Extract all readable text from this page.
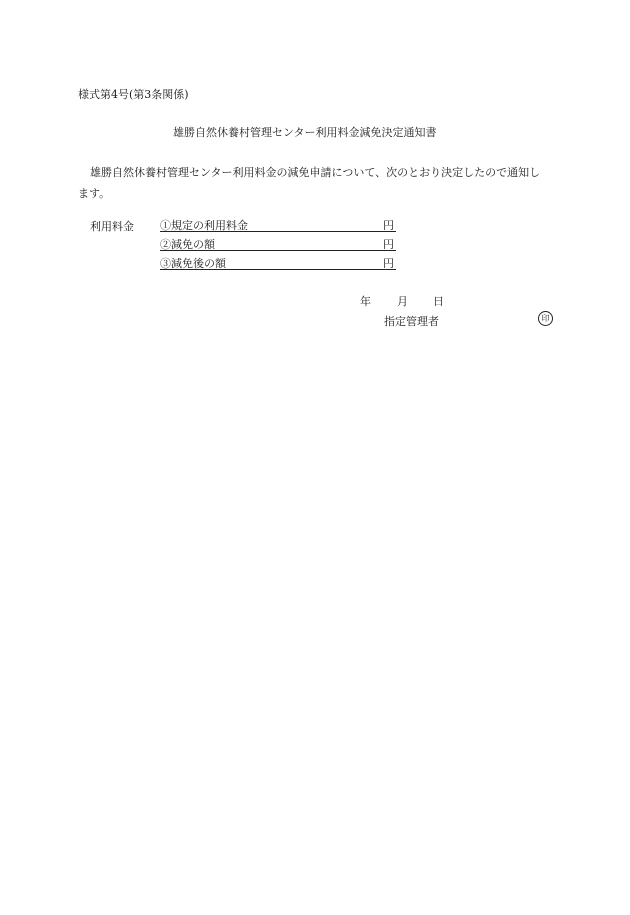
様式第4号(第3条関係)
雄勝自然休養村管理センター利用料金減免決定通知書
雄勝自然休養村管理センター利用料金の減免申請について、次のとおり決定したので通知します。
利用料金 ①規定の利用料金	円
②減免の額	円
③減免後の額	円
年 月 日
指定管理者	印
